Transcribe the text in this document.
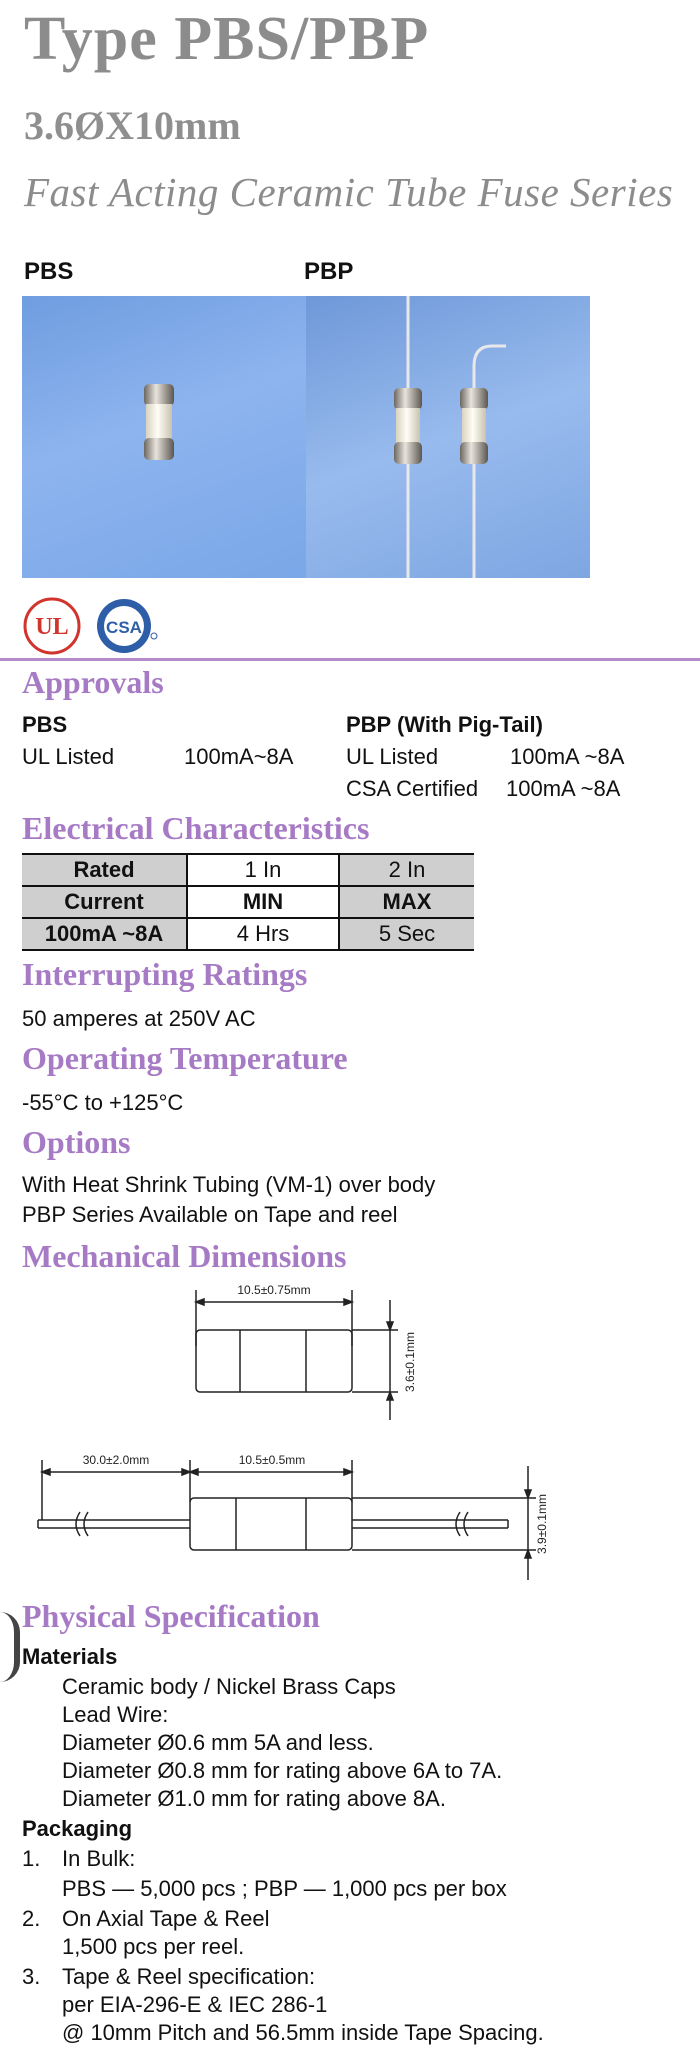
Type PBS/PBP
3.6ØX10mm
Fast Acting Ceramic Tube Fuse Series
PBS	PBP
UL CSA
Approvals
PBS
UL Listed	100mA~8A
PBP (With Pig-Tail)
UL Listed	100mA ~8A
CSA Certified 100mA ~8A
Electrical Characteristics
Rated	1 In	2 In
Current	MIN	MAX
100mA ~8A	4 Hrs	5 Sec
Interrupting Ratings
50 amperes at 250V AC
Operating Temperature
-55°C to +125°C
Options
With Heat Shrink Tubing (VM-1) over body
PBP Series Available on Tape and reel
Mechanical Dimensions
10.5±0.75mm
3.6±0.1mm
30.0±2.0mm	10.5±0.5mm
3.9±0.1mm
Physical Specification
Materials
Ceramic body / Nickel Brass Caps
Lead Wire:
Diameter Ø0.6 mm 5A and less.
Diameter Ø0.8 mm for rating above 6A to 7A.
Diameter Ø1.0 mm for rating above 8A.
Packaging
1. In Bulk:
PBS — 5,000 pcs ; PBP — 1,000 pcs per box
2. On Axial Tape & Reel
1,500 pcs per reel.
3. Tape & Reel specification:
per EIA-296-E & IEC 286-1
@ 10mm Pitch and 56.5mm inside Tape Spacing.
